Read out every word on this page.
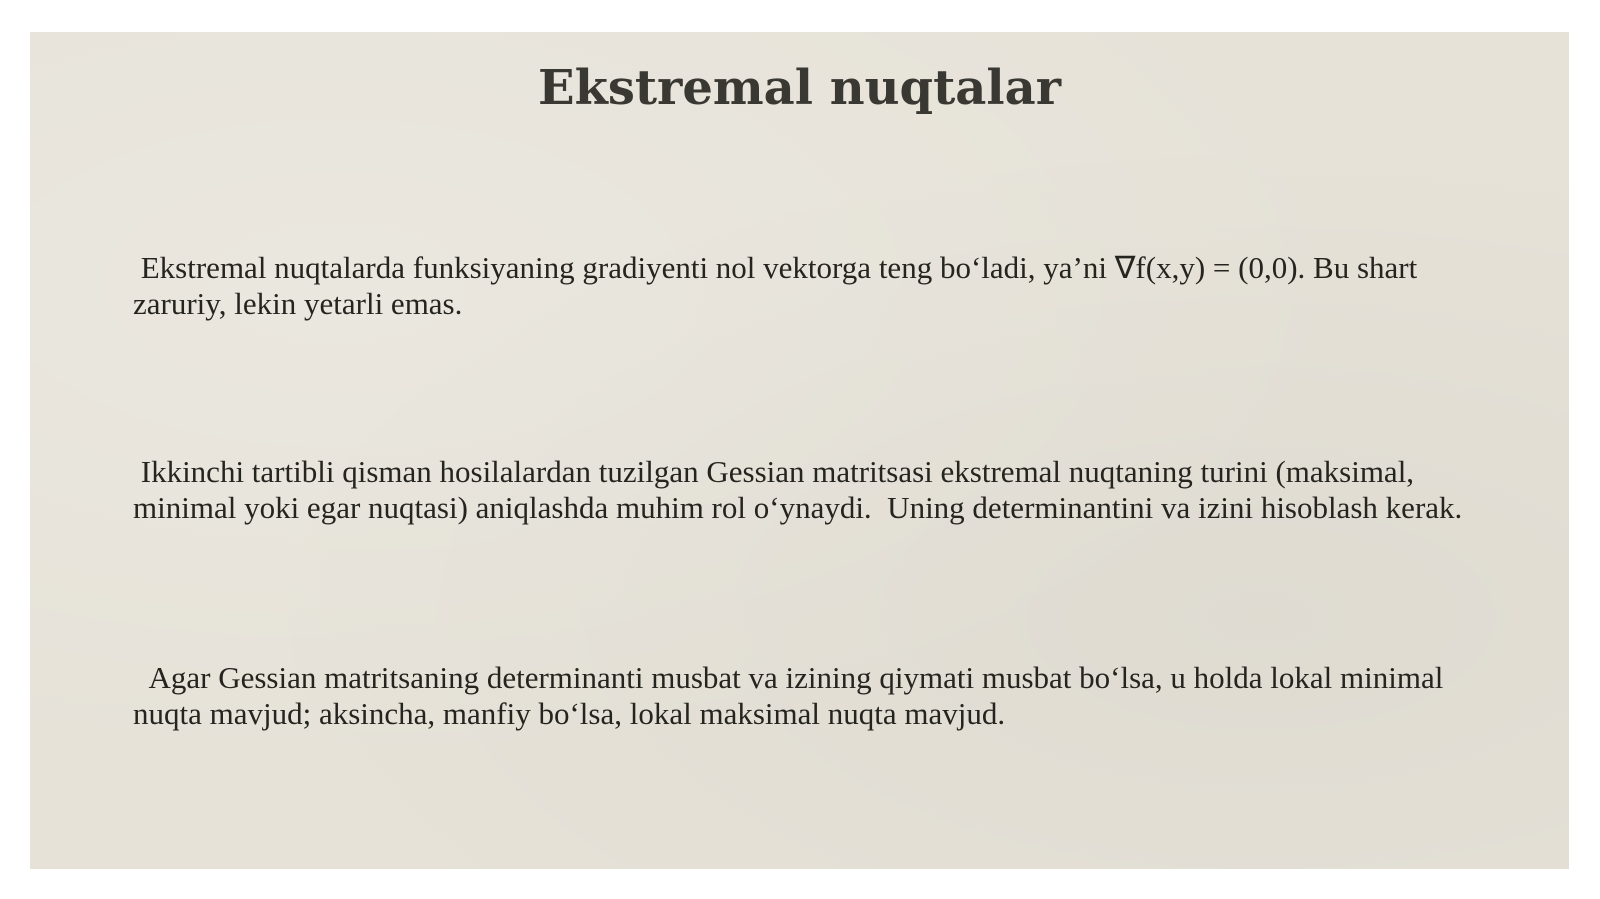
Ekstremal nuqtalar

Ekstremal nuqtalarda funksiyaning gradiyenti nol vektorga teng bo‘ladi, ya’ni ∇f(x,y) = (0,0). Bu shart zaruriy, lekin yetarli emas.

Ikkinchi tartibli qisman hosilalardan tuzilgan Gessian matritsasi ekstremal nuqtaning turini (maksimal, minimal yoki egar nuqtasi) aniqlashda muhim rol o‘ynaydi.  Uning determinantini va izini hisoblash kerak.

Agar Gessian matritsaning determinanti musbat va izining qiymati musbat bo‘lsa, u holda lokal minimal nuqta mavjud; aksincha, manfiy bo‘lsa, lokal maksimal nuqta mavjud.
